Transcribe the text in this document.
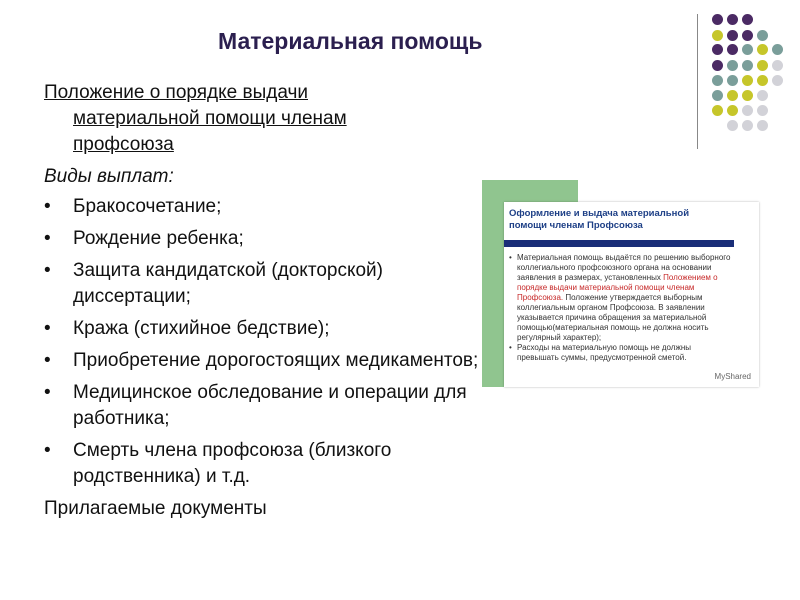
Материальная помощь
Положение о порядке выдачи
материальной помощи членам
профсоюза
Виды выплат:
• Бракосочетание;
• Рождение ребенка;
• Защита кандидатской (докторской) диссертации;
• Кража (стихийное бедствие);
• Приобретение дорогостоящих медикаментов;
• Медицинское обследование и операции для работника;
• Смерть члена профсоюза (близкого родственника) и т.д.
Прилагаемые документы
Оформление и выдача материальной помощи членам Профсоюза

• Материальная помощь выдаётся по решению выборного коллегиального профсоюзного органа на основании заявления в размерах, установленных Положением о порядке выдачи материальной помощи членам Профсоюза. Положение утверждается выборным коллегиальным органом Профсоюза. В заявлении указывается причина обращения за материальной помощью(материальная помощь не должна носить регулярный характер);

• Расходы на материальную помощь не должны превышать суммы, предусмотренной сметой.

MyShared
